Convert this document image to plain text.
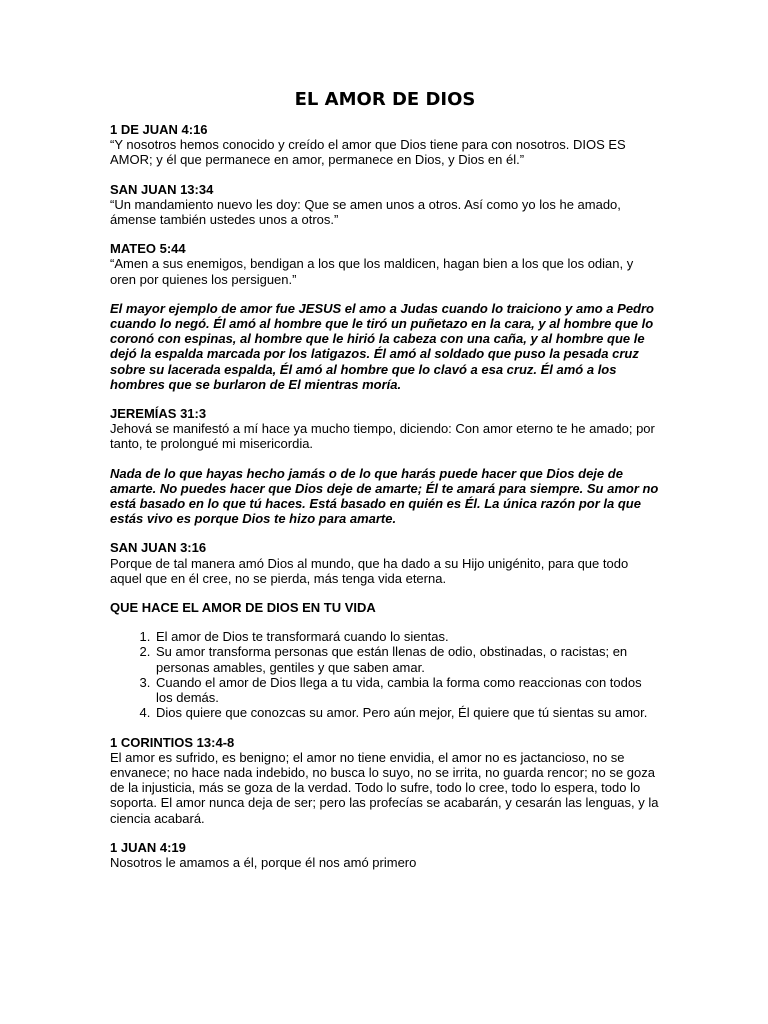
EL AMOR DE DIOS

1 DE JUAN 4:16

“Y nosotros hemos conocido y creído el amor que Dios tiene para con nosotros. DIOS ES AMOR; y él que permanece en amor, permanece en Dios, y Dios en él.”

SAN JUAN 13:34

“Un mandamiento nuevo les doy: Que se amen unos a otros. Así como yo los he amado, ámense también ustedes unos a otros.”

MATEO 5:44

“Amen a sus enemigos, bendigan a los que los maldicen, hagan bien a los que los odian, y oren por quienes los persiguen.”

El mayor ejemplo de amor fue JESUS el amo a Judas cuando lo traiciono y amo a Pedro cuando lo negó. Él amó al hombre que le tiró un puñetazo en la cara, y al hombre que lo coronó con espinas, al hombre que le hirió la cabeza con una caña, y al hombre que le dejó la espalda marcada por los latigazos. Él amó al soldado que puso la pesada cruz sobre su lacerada espalda, Él amó al hombre que lo clavó a esa cruz. Él amó a los hombres que se burlaron de El mientras moría.

JEREMÍAS 31:3

Jehová se manifestó a mí hace ya mucho tiempo, diciendo: Con amor eterno te he amado; por tanto, te prolongué mi misericordia.

Nada de lo que hayas hecho jamás o de lo que harás puede hacer que Dios deje de amarte. No puedes hacer que Dios deje de amarte; Él te amará para siempre. Su amor no está basado en lo que tú haces. Está basado en quién es Él. La única razón por la que estás vivo es porque Dios te hizo para amarte.

SAN JUAN 3:16

Porque de tal manera amó Dios al mundo, que ha dado a su Hijo unigénito, para que todo aquel que en él cree, no se pierda, más tenga vida eterna.

QUE HACE EL AMOR DE DIOS EN TU VIDA

1. El amor de Dios te transformará cuando lo sientas.
2. Su amor transforma personas que están llenas de odio, obstinadas, o racistas; en personas amables, gentiles y que saben amar.
3. Cuando el amor de Dios llega a tu vida, cambia la forma como reaccionas con todos los demás.
4. Dios quiere que conozcas su amor. Pero aún mejor, Él quiere que tú sientas su amor.

1 CORINTIOS 13:4-8

El amor es sufrido, es benigno; el amor no tiene envidia, el amor no es jactancioso, no se envanece; no hace nada indebido, no busca lo suyo, no se irrita, no guarda rencor; no se goza de la injusticia, más se goza de la verdad. Todo lo sufre, todo lo cree, todo lo espera, todo lo soporta. El amor nunca deja de ser; pero las profecías se acabarán, y cesarán las lenguas, y la ciencia acabará.

1 JUAN 4:19

Nosotros le amamos a él, porque él nos amó primero
